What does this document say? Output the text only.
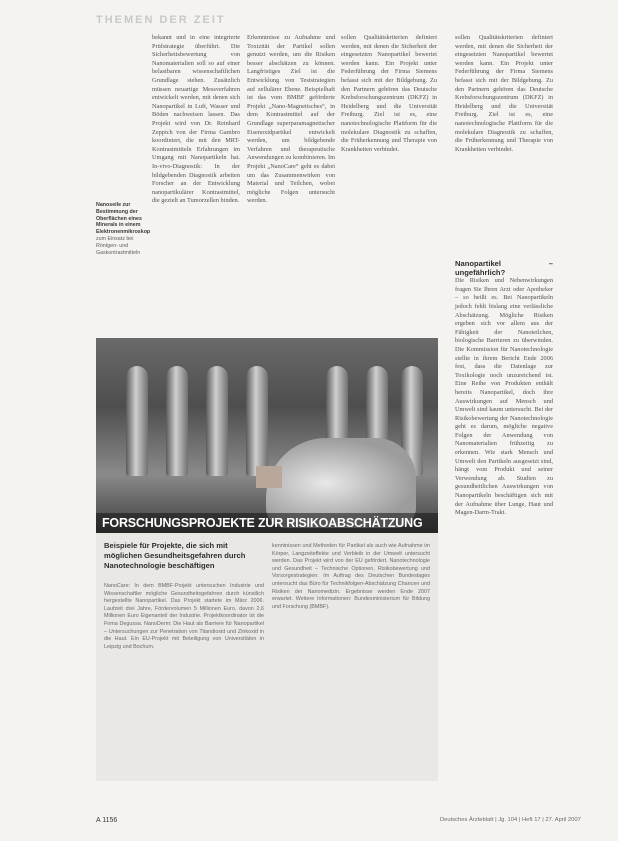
THEMEN DER ZEIT
Nanoseile zur Bestimmung der Oberflächen eines Minerals in einem Elektronenmikroskop zum Einsatz bei Röntgen- und Gaskontrastmitteln

bekannt und in eine integrierte Prüfstrategie überführt. Die Sicherheitsbewertung von Nanomaterialien soll so auf einer belastbaren wissenschaftlichen Grundlage stehen. Zusätzlich müssen neuartige Messverfahren entwickelt werden, mit denen sich Nanopartikel in Luft, Wasser und Böden nachweisen lassen. Das Projekt wird von Dr. Reinhard Zeppich von der Firma Gambro koordiniert, die mit den MRT-Kontrastmitteln Erfahrungen im Umgang mit Nanopartikeln hat. In-vivo-Diagnostik: In der bildgebenden Diagnostik arbeiten Forscher an der Entwicklung nanopartikulärer Kontrastmittel, die gezielt an Tumorzellen binden.

Erkenntnisse zu Aufnahme und Toxizität der Partikel sollen genutzt werden, um die Risiken besser abschätzen zu können. Langfristiges Ziel ist die Entwicklung von Teststrategien auf zellulärer Ebene. Beispielhaft ist das vom BMBF geförderte Projekt „Nano-Magnetisches“, in dem Kontrastmittel auf der Grundlage superparamagnetischer Eisenoxidpartikel entwickelt werden, um bildgebende Verfahren und therapeutische Anwendungen zu kombinieren. Im Projekt „NanoCare“ geht es dabei um das Zusammenwirken von Material und Teilchen, wobei mögliche Folgen untersucht werden.

sollen Qualitätskriterien definiert werden, mit denen die Sicherheit der eingesetzten Nanopartikel bewertet werden kann. Ein Projekt unter Federführung der Firma Siemens befasst sich mit der Bildgebung. Zu den Partnern gehören das Deutsche Krebsforschungszentrum (DKFZ) in Heidelberg und die Universität Freiburg. Ziel ist es, eine nanotechnologische Plattform für die molekulare Diagnostik zu schaffen, die Früherkennung und Therapie von Krankheiten verbindet.

sollen Qualitätskriterien definiert werden, mit denen die Sicherheit der eingesetzten Nanopartikel bewertet werden kann. Ein Projekt unter Federführung der Firma Siemens befasst sich mit der Bildgebung. Zu den Partnern gehören das Deutsche Krebsforschungszentrum (DKFZ) in Heidelberg und die Universität Freiburg. Ziel ist es, eine nanotechnologische Plattform für die molekulare Diagnostik zu schaffen, die Früherkennung und Therapie von Krankheiten verbindet.

Nanopartikel – ungefährlich?

Die Risiken und Nebenwirkungen fragen Sie Ihren Arzt oder Apotheker – so heißt es. Bei Nanopartikeln jedoch fehlt bislang eine verlässliche Abschätzung. Mögliche Risiken ergeben sich vor allem aus der Fähigkeit der Nanoteilchen, biologische Barrieren zu überwinden. Die Kommission für Nanotechnologie stellte in ihrem Bericht Ende 2006 fest, dass die Datenlage zur Toxikologie noch unzureichend ist. Eine Reihe von Produkten enthält bereits Nanopartikel, doch ihre Auswirkungen auf Mensch und Umwelt sind kaum untersucht. Bei der Risikobewertung der Nanotechnologie geht es darum, mögliche negative Folgen der Anwendung von Nanomaterialien frühzeitig zu erkennen. Wie stark Mensch und Umwelt den Partikeln ausgesetzt sind, hängt vom Produkt und seiner Verwendung ab. Studien zu gesundheitlichen Auswirkungen von Nanopartikeln beschäftigen sich mit der Aufnahme über Lunge, Haut und Magen-Darm-Trakt.

FORSCHUNGSPROJEKTE ZUR RISIKOABSCHÄTZUNG
Beispiele für Projekte, die sich mit möglichen Gesundheitsgefahren durch Nanotechnologie beschäftigen

NanoCare: In dem BMBF-Projekt untersuchen Industrie und Wissenschaftler mögliche Gesundheitsgefahren durch künstlich hergestellte Nanopartikel. Das Projekt startete im März 2006. Laufzeit drei Jahre, Fördervolumen 5 Millionen Euro, davon 2,6 Millionen Euro Eigenanteil der Industrie. Projektkoordinator ist die Firma Degussa. NanoDerm: Die Haut als Barriere für Nanopartikel – Untersuchungen zur Penetration von Titandioxid und Zinkoxid in die Haut. Ein EU-Projekt mit Beteiligung von Universitäten in Leipzig und Bochum.

kenntnissen und Methoden für Partikel als auch wie Aufnahme im Körper, Langzeiteffekte und Verbleib in der Umwelt untersucht werden. Das Projekt wird von der EU gefördert. Nanotechnologie und Gesundheit – Technische Optionen, Risikobewertung und Vorsorgestrategien: Im Auftrag des Deutschen Bundestages untersucht das Büro für Technikfolgen-Abschätzung Chancen und Risiken der Nanomedizin. Ergebnisse werden Ende 2007 erwartet. Weitere Informationen: Bundesministerium für Bildung und Forschung (BMBF).

A 1156	Deutsches Ärzteblatt | Jg. 104 | Heft 17 | 27. April 2007
